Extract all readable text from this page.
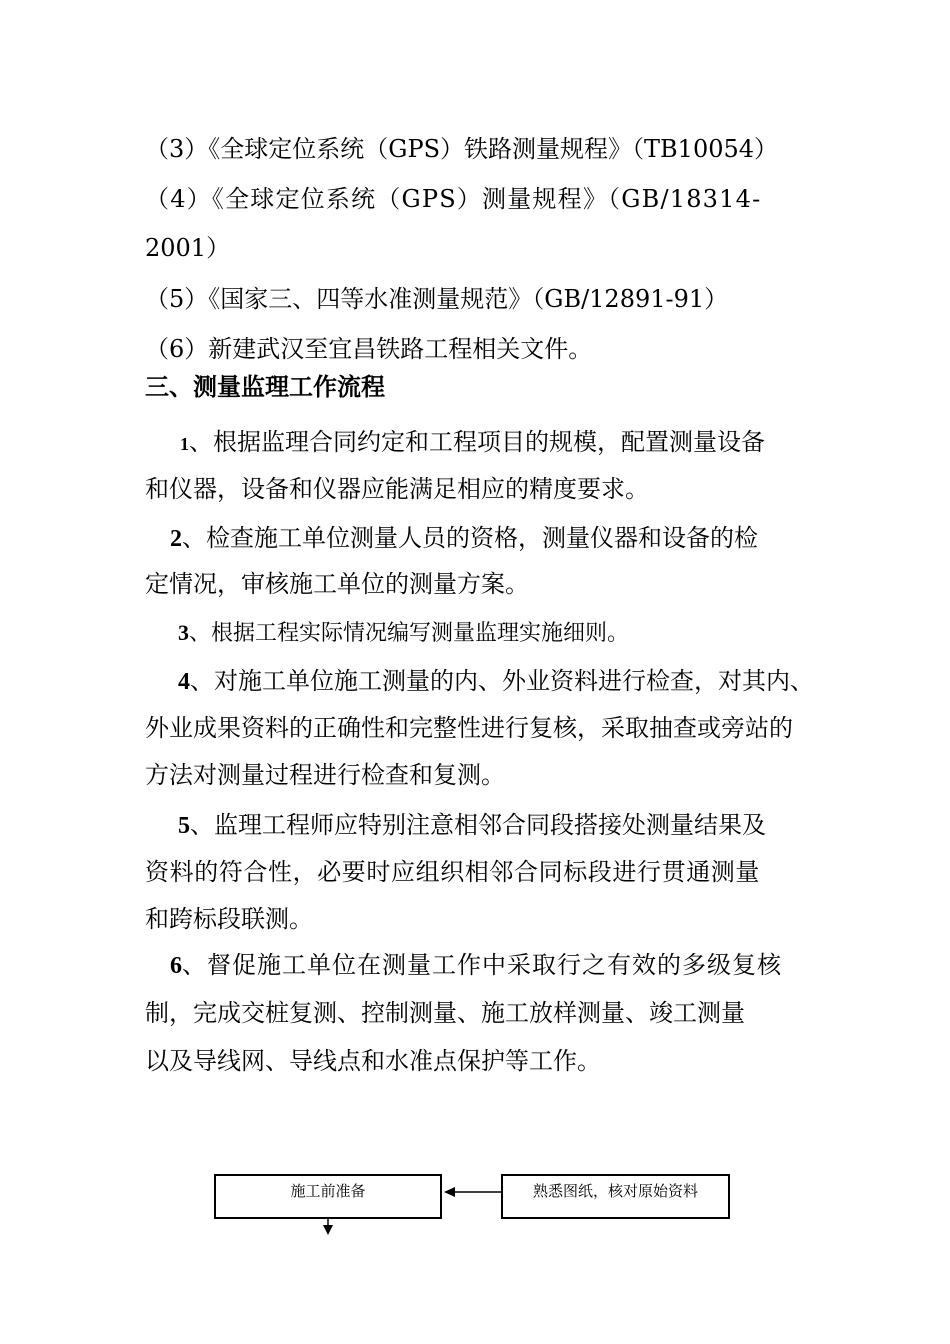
（3）《全球定位系统（GPS）铁路测量规程》（TB10054）
（4）《全球定位系统（GPS）测量规程》（GB/18314-
2001）
（5）《国家三、四等水准测量规范》（GB/12891-91）
（6）新建武汉至宜昌铁路工程相关文件。
三、测量监理工作流程
1、根据监理合同约定和工程项目的规模，配置测量设备
和仪器，设备和仪器应能满足相应的精度要求。
2、检查施工单位测量人员的资格，测量仪器和设备的检
定情况，审核施工单位的测量方案。
3、根据工程实际情况编写测量监理实施细则。
4、对施工单位施工测量的内、外业资料进行检查，对其内、
外业成果资料的正确性和完整性进行复核，采取抽查或旁站的
方法对测量过程进行检查和复测。
5、监理工程师应特别注意相邻合同段搭接处测量结果及
资料的符合性，必要时应组织相邻合同标段进行贯通测量
和跨标段联测。
6、督促施工单位在测量工作中采取行之有效的多级复核
制，完成交桩复测、控制测量、施工放样测量、竣工测量
以及导线网、导线点和水准点保护等工作。
施工前准备	熟悉图纸，核对原始资料
